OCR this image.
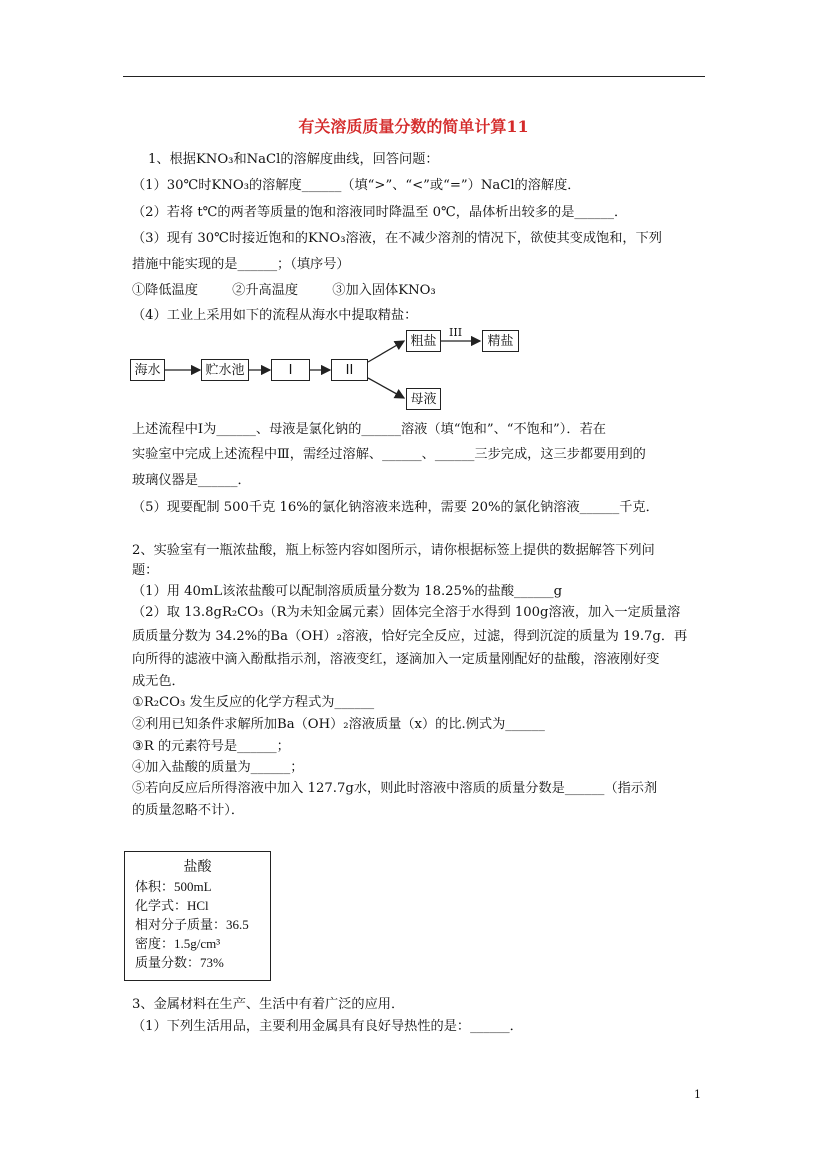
有关溶质质量分数的简单计算11
1、根据KNO₃和NaCl的溶解度曲线，回答问题：
（1）30℃时KNO₃的溶解度______（填“>”、“<”或“=”）NaCl的溶解度．
（2）若将 t℃的两者等质量的饱和溶液同时降温至 0℃，晶体析出较多的是______．
（3）现有 30℃时接近饱和的KNO₃溶液，在不减少溶剂的情况下，欲使其变成饱和，下列
措施中能实现的是______；（填序号）
①降低温度	②升高温度	③加入固体KNO₃
（4）工业上采用如下的流程从海水中提取精盐：
海水	贮水池	I	II
粗盐
III
精盐
母液
上述流程中Ⅰ为______、母液是氯化钠的______溶液（填“饱和”、“不饱和”）．若在
实验室中完成上述流程中Ⅲ，需经过溶解、______、______三步完成，这三步都要用到的
玻璃仪器是______．
（5）现要配制 500千克 16%的氯化钠溶液来选种，需要 20%的氯化钠溶液______千克．
2、实验室有一瓶浓盐酸，瓶上标签内容如图所示，请你根据标签上提供的数据解答下列问
题：
（1）用 40mL该浓盐酸可以配制溶质质量分数为 18.25%的盐酸______g
（2）取 13.8gR₂CO₃（R为未知金属元素）固体完全溶于水得到 100g溶液，加入一定质量溶
质质量分数为 34.2%的Ba（OH）₂溶液，恰好完全反应，过滤，得到沉淀的质量为 19.7g．再
向所得的滤液中滴入酚酞指示剂，溶液变红，逐滴加入一定质量刚配好的盐酸，溶液刚好变
成无色．
①R₂CO₃ 发生反应的化学方程式为______
②利用已知条件求解所加Ba（OH）₂溶液质量（x）的比.例式为______
③R 的元素符号是______；
④加入盐酸的质量为______；
⑤若向反应后所得溶液中加入 127.7g水，则此时溶液中溶质的质量分数是______（指示剂
的质量忽略不计）．
盐酸
体积：500mL
化学式：HCl
相对分子质量：36.5
密度：1.5g/cm³
质量分数：73%
3、金属材料在生产、生活中有着广泛的应用．
（1）下列生活用品，主要利用金属具有良好导热性的是：______．
1
